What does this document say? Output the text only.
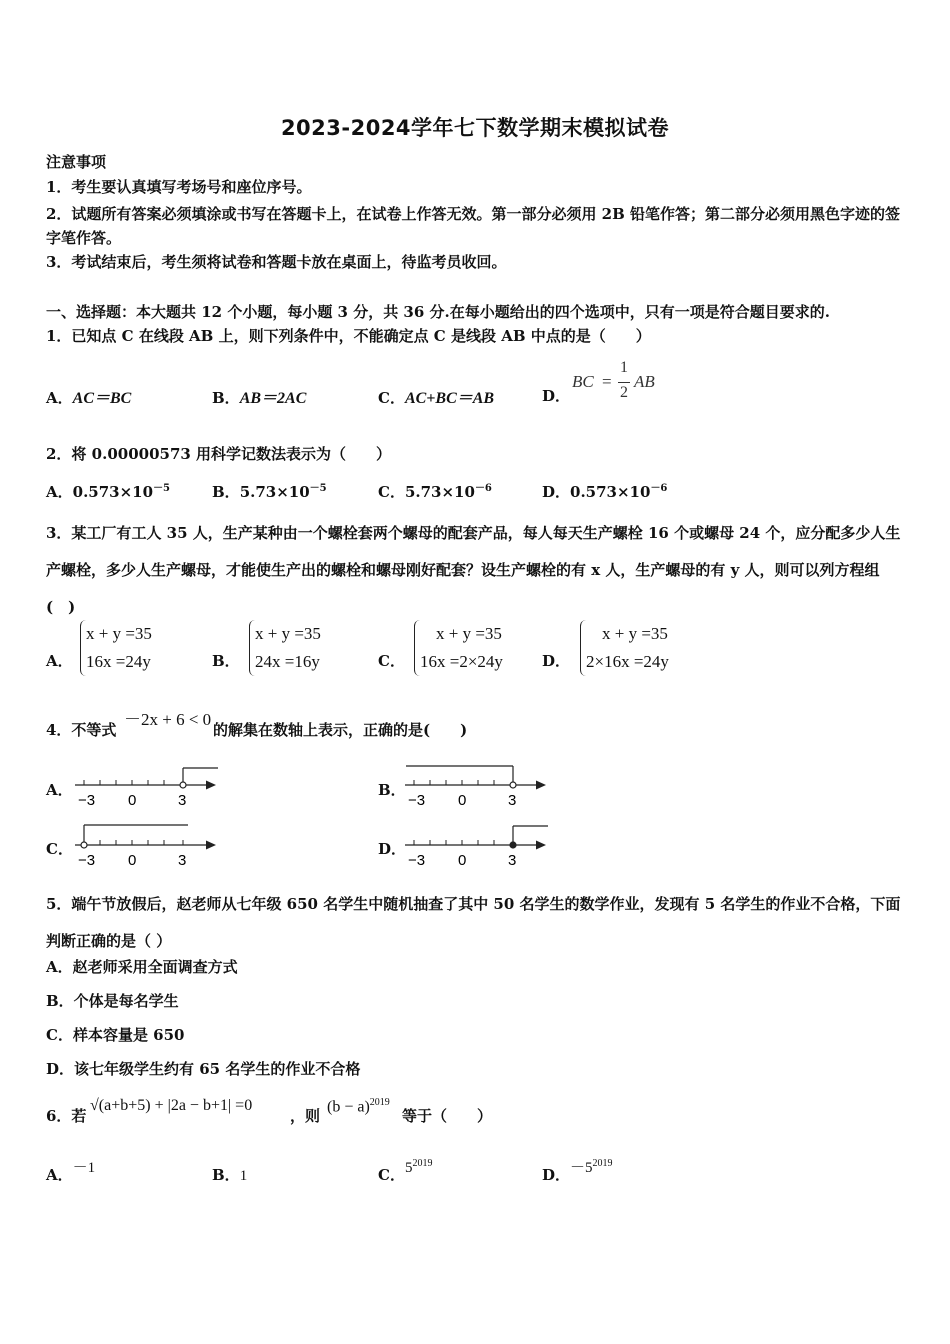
2023-2024学年七下数学期末模拟试卷
注意事项
1．考生要认真填写考场号和座位序号。
2．试题所有答案必须填涂或书写在答题卡上，在试卷上作答无效。第一部分必须用 2B 铅笔作答；第二部分必须用黑色字迹的签字笔作答。
3．考试结束后，考生须将试卷和答题卡放在桌面上，待监考员收回。
一、选择题：本大题共 12 个小题，每小题 3 分，共 36 分.在每小题给出的四个选项中，只有一项是符合题目要求的.
1．已知点 C 在线段 AB 上，则下列条件中，不能确定点 C 是线段 AB 中点的是（　　）
A．AC＝BC	B．AB＝2AC	C．AC+BC＝AB	D．
BC =
1
2
AB
2．将 0.00000573 用科学记数法表示为（　　）
A．$0.573\times 10^{-5}$	B．$5.73\times 10^{-5}$	C．$5.73\times 10^{-6}$	D．$0.573\times 10^{-6}$
3．某工厂有工人 35 人，生产某种由一个螺栓套两个螺母的配套产品，每人每天生产螺栓 16 个或螺母 24 个，应分配多少人生产螺栓，多少人生产螺母，才能使生产出的螺栓和螺母刚好配套？设生产螺栓的有 x 人，生产螺母的有 y 人，则可以列方程组(　)
A．
x + y =35
16x =24y	B．
x + y =35
24x =16y	C．
x + y =35
16x =2×24y	D．
x + y =35
2×16x =24y
4．不等式
－2x + 6 < 0
的解集在数轴上表示，正确的是(　　)
A．	B．
C．	D．
−3 0	3	−3 0	3
−3 0	3	−3 0	3
5．端午节放假后，赵老师从七年级 650 名学生中随机抽查了其中 50 名学生的数学作业，发现有 5 名学生的作业不合格，下面判断正确的是（ ）
A．赵老师采用全面调查方式
B．个体是每名学生
C．样本容量是 650
D．该七年级学生约有 65 名学生的作业不合格
6．若
√(a+b+5) + |2a − b+1| =0
，则
$(b - a)^{2019}$
等于（　　）
A．－1	B．1	C．$5^{2019}$
D．$-5^{2019}$
